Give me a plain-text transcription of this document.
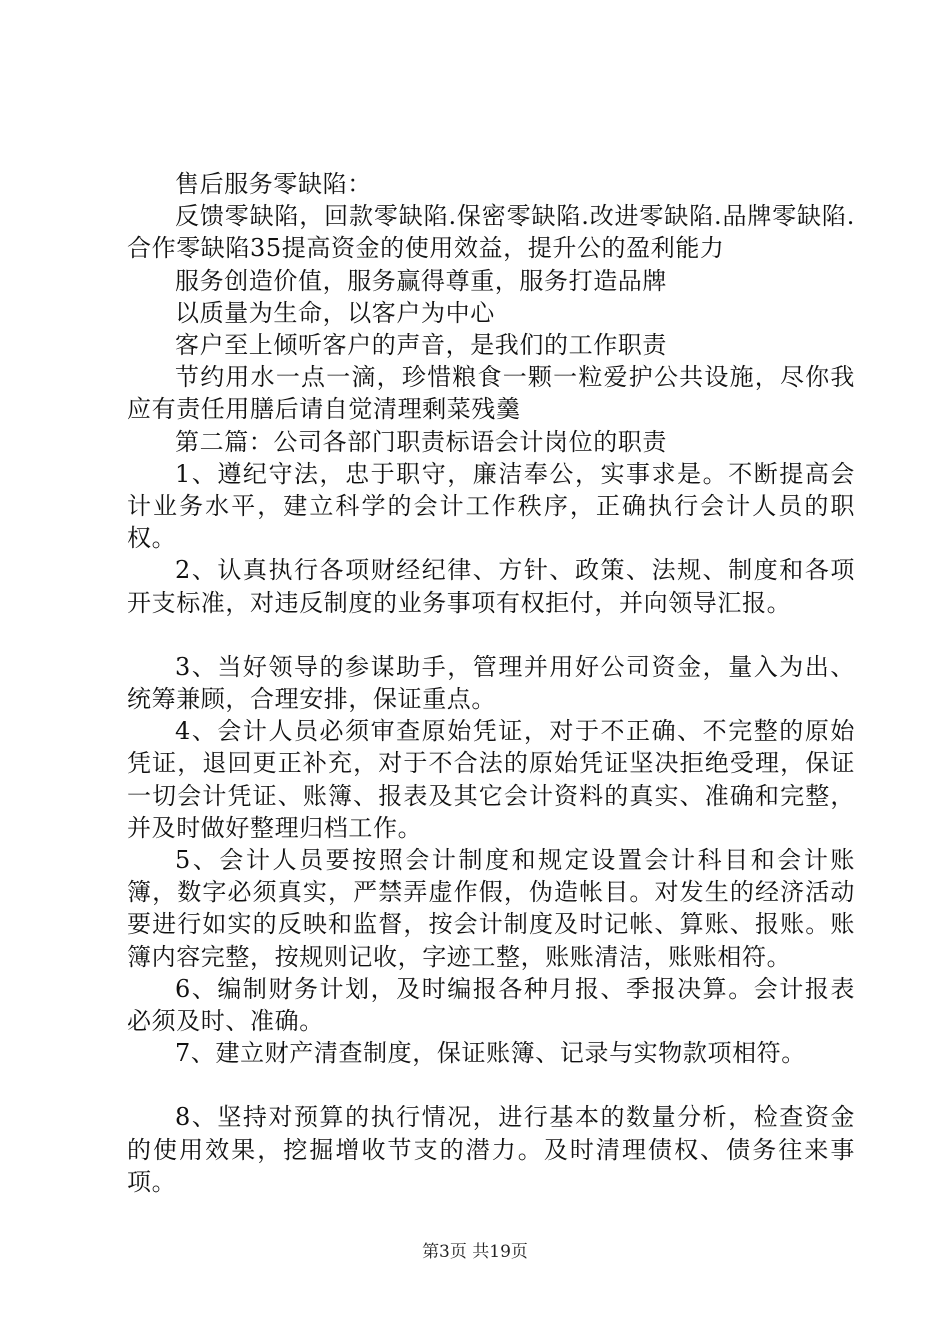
售后服务零缺陷：

反馈零缺陷，回款零缺陷.保密零缺陷.改进零缺陷.品牌零缺陷.合作零缺陷35提高资金的使用效益，提升公的盈利能力

服务创造价值，服务赢得尊重，服务打造品牌

以质量为生命，以客户为中心

客户至上倾听客户的声音，是我们的工作职责

节约用水一点一滴，珍惜粮食一颗一粒爱护公共设施，尽你我应有责任用膳后请自觉清理剩菜残羹

第二篇：公司各部门职责标语会计岗位的职责

1、遵纪守法，忠于职守，廉洁奉公，实事求是。不断提高会计业务水平，建立科学的会计工作秩序，正确执行会计人员的职权。

2、认真执行各项财经纪律、方针、政策、法规、制度和各项开支标准，对违反制度的业务事项有权拒付，并向领导汇报。

3、当好领导的参谋助手，管理并用好公司资金，量入为出、统筹兼顾，合理安排，保证重点。

4、会计人员必须审查原始凭证，对于不正确、不完整的原始凭证，退回更正补充，对于不合法的原始凭证坚决拒绝受理，保证一切会计凭证、账簿、报表及其它会计资料的真实、准确和完整，并及时做好整理归档工作。

5、会计人员要按照会计制度和规定设置会计科目和会计账簿，数字必须真实，严禁弄虚作假，伪造帐目。对发生的经济活动要进行如实的反映和监督，按会计制度及时记帐、算账、报账。账簿内容完整，按规则记收，字迹工整，账账清洁，账账相符。

6、编制财务计划，及时编报各种月报、季报决算。会计报表必须及时、准确。

7、建立财产清查制度，保证账簿、记录与实物款项相符。

8、坚持对预算的执行情况，进行基本的数量分析，检查资金的使用效果，挖掘增收节支的潜力。及时清理债权、债务往来事项。

第3页 共19页
